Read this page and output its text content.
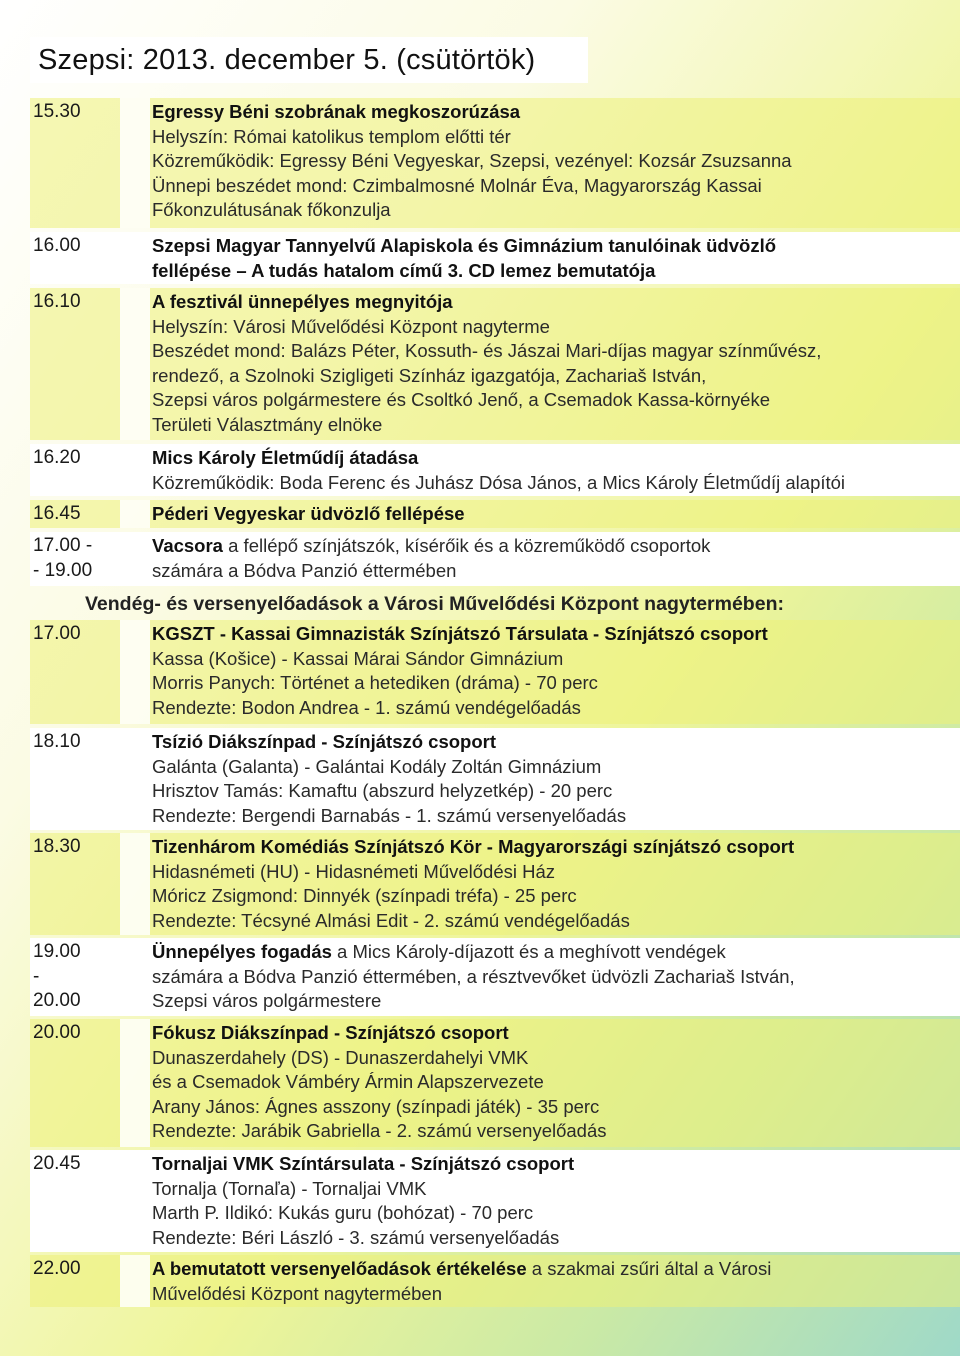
Szepsi: 2013. december 5. (csütörtök)
15.30	Egressy Béni szobrának megkoszorúzása
Helyszín: Római katolikus templom előtti tér
Közreműködik: Egressy Béni Vegyeskar, Szepsi, vezényel: Kozsár Zsuzsanna
Ünnepi beszédet mond: Czimbalmosné Molnár Éva, Magyarország Kassai
Főkonzulátusának főkonzulja
16.00	Szepsi Magyar Tannyelvű Alapiskola és Gimnázium tanulóinak üdvözlő
fellépése – A tudás hatalom című 3. CD lemez bemutatója
16.10	A fesztivál ünnepélyes megnyitója
Helyszín: Városi Művelődési Központ nagyterme
Beszédet mond: Balázs Péter, Kossuth- és Jászai Mari-díjas magyar színművész,
rendező, a Szolnoki Szigligeti Színház igazgatója, Zachariaš István,
Szepsi város polgármestere és Csoltkó Jenő, a Csemadok Kassa-környéke
Területi Választmány elnöke
16.20	Mics Károly Életműdíj átadása
Közreműködik: Boda Ferenc és Juhász Dósa János, a Mics Károly Életműdíj alapítói
16.45	Péderi Vegyeskar üdvözlő fellépése
17.00 -
- 19.00
Vacsora a fellépő színjátszók, kísérőik és a közreműködő csoportok
számára a Bódva Panzió éttermében
Vendég- és versenyelőadások a Városi Művelődési Központ nagytermében:
17.00	KGSZT - Kassai Gimnazisták Színjátszó Társulata - Színjátszó csoport
Kassa (Košice) - Kassai Márai Sándor Gimnázium
Morris Panych: Történet a hetediken (dráma) - 70 perc
Rendezte: Bodon Andrea - 1. számú vendégelőadás
18.10	Tsízió Diákszínpad - Színjátszó csoport
Galánta (Galanta) - Galántai Kodály Zoltán Gimnázium
Hrisztov Tamás: Kamaftu (abszurd helyzetkép) - 20 perc
Rendezte: Bergendi Barnabás - 1. számú versenyelőadás
18.30	Tizenhárom Komédiás Színjátszó Kör - Magyarországi színjátszó csoport
Hidasnémeti (HU) - Hidasnémeti Művelődési Ház
Móricz Zsigmond: Dinnyék (színpadi tréfa) - 25 perc
Rendezte: Técsyné Almási Edit - 2. számú vendégelőadás
19.00
-
20.00
Ünnepélyes fogadás a Mics Károly-díjazott és a meghívott vendégek
számára a Bódva Panzió éttermében, a résztvevőket üdvözli Zachariaš István,
Szepsi város polgármestere
20.00	Fókusz Diákszínpad - Színjátszó csoport
Dunaszerdahely (DS) - Dunaszerdahelyi VMK
és a Csemadok Vámbéry Ármin Alapszervezete
Arany János: Ágnes asszony (színpadi játék) - 35 perc
Rendezte: Jarábik Gabriella - 2. számú versenyelőadás
20.45	Tornaljai VMK Színtársulata - Színjátszó csoport
Tornalja (Tornaľa) - Tornaljai VMK
Marth P. Ildikó: Kukás guru (bohózat) - 70 perc
Rendezte: Béri László - 3. számú versenyelőadás
22.00	A bemutatott versenyelőadások értékelése a szakmai zsűri által a Városi
Művelődési Központ nagytermében
